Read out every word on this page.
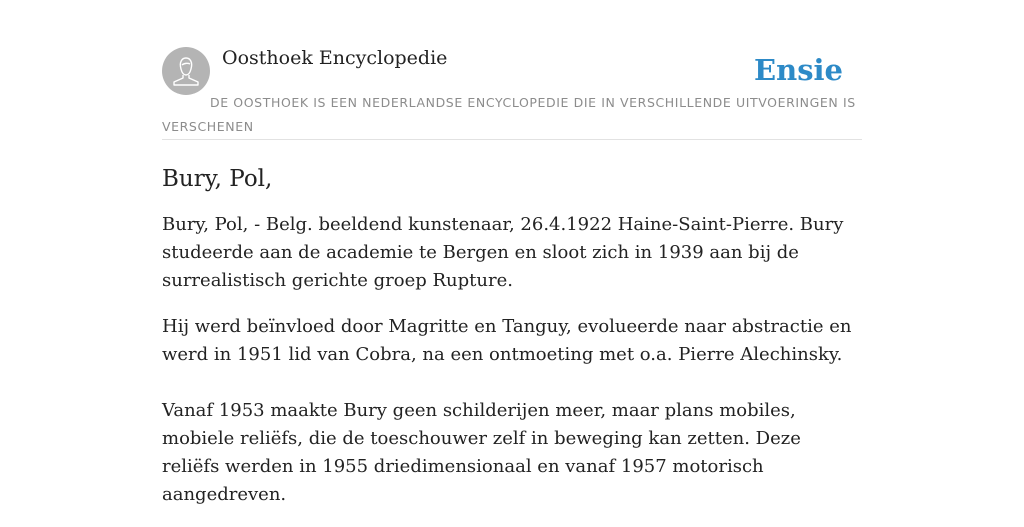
Oosthoek Encyclopedie	Ensie
DE OOSTHOEK IS EEN NEDERLANDSE ENCYCLOPEDIE DIE IN VERSCHILLENDE UITVOERINGEN IS VERSCHENEN
Bury, Pol,

Bury, Pol, - Belg. beeldend kunstenaar, 26.4.1922 Haine-Saint-Pierre. Bury studeerde aan de academie te Bergen en sloot zich in 1939 aan bij de surrealistisch gerichte groep Rupture.

Hij werd beïnvloed door Magritte en Tanguy, evolueerde naar abstractie en werd in 1951 lid van Cobra, na een ontmoeting met o.a. Pierre Alechinsky.

Vanaf 1953 maakte Bury geen schilderijen meer, maar plans mobiles, mobiele reliëfs, die de toeschouwer zelf in beweging kan zetten. Deze reliëfs werden in 1955 driedimensionaal en vanaf 1957 motorisch aangedreven.
